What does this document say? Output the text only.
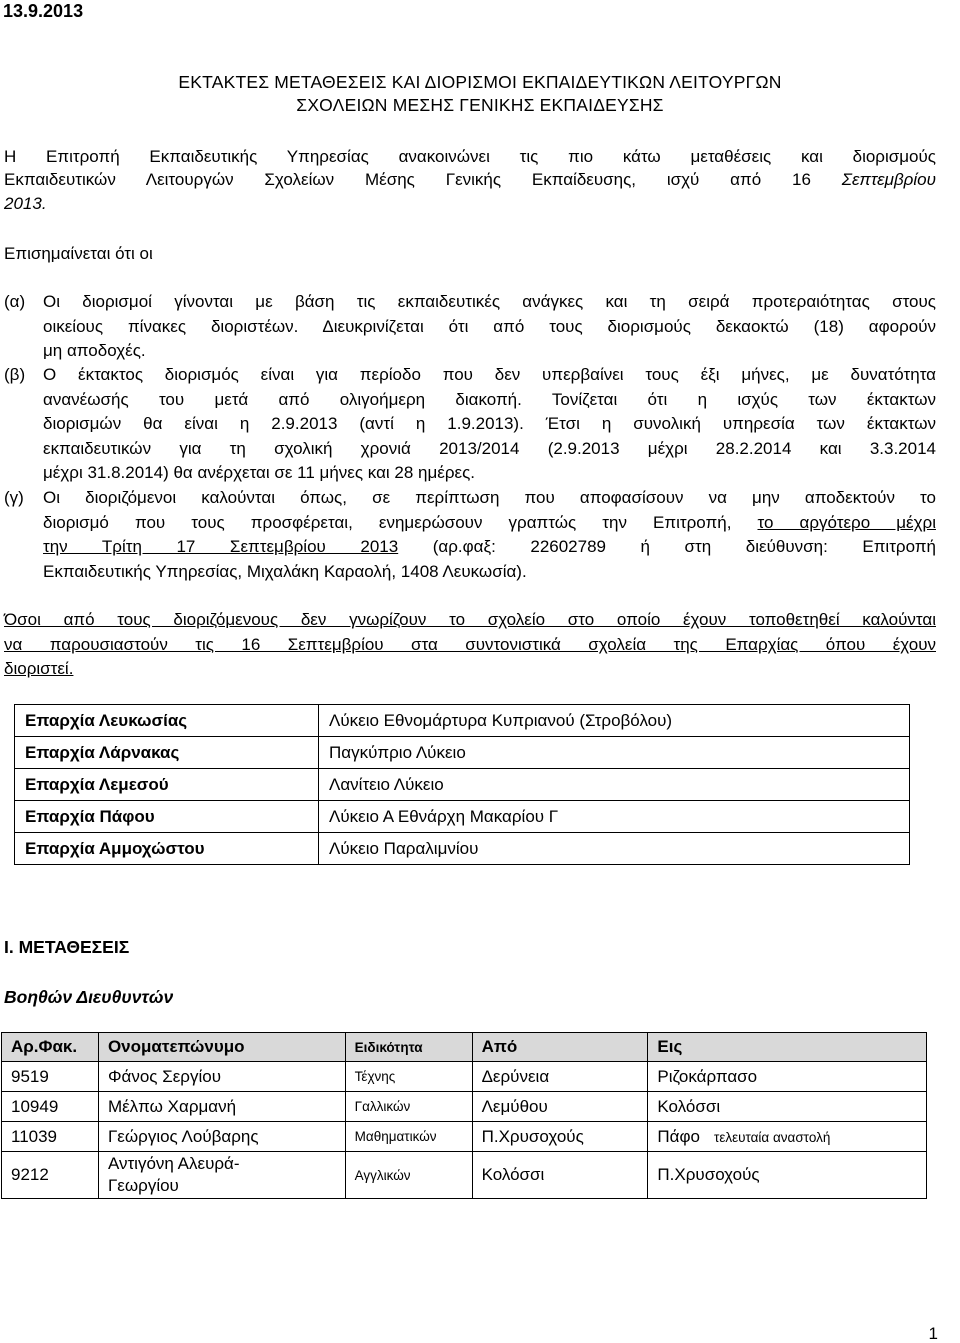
13.9.2013
ΕΚΤΑΚΤΕΣ ΜΕΤΑΘΕΣΕΙΣ ΚΑΙ ΔΙΟΡΙΣΜΟΙ ΕΚΠΑΙΔΕΥΤΙΚΩΝ ΛΕΙΤΟΥΡΓΩΝ
ΣΧΟΛΕΙΩΝ ΜΕΣΗΣ ΓΕΝΙΚΗΣ ΕΚΠΑΙΔΕΥΣΗΣ
Η Επιτροπή Εκπαιδευτικής Υπηρεσίας ανακοινώνει τις πιο κάτω μεταθέσεις και διορισμούς
Εκπαιδευτικών Λειτουργών Σχολείων Μέσης Γενικής Εκπαίδευσης, ισχύ από 16 Σεπτεμβρίου
2013.
Επισημαίνεται ότι οι
(α)	Οι διορισμοί γίνονται με βάση τις εκπαιδευτικές ανάγκες και τη σειρά προτεραιότητας στους
οικείους πίνακες διοριστέων. Διευκρινίζεται ότι από τους διορισμούς δεκαοκτώ (18) αφορούν
μη αποδοχές.
(β)	Ο έκτακτος διορισμός είναι για περίοδο που δεν υπερβαίνει τους έξι μήνες, με δυνατότητα
ανανέωσής του μετά από ολιγοήμερη διακοπή. Τονίζεται ότι η ισχύς των έκτακτων
διορισμών θα είναι η 2.9.2013 (αντί η 1.9.2013). Έτσι η συνολική υπηρεσία των έκτακτων
εκπαιδευτικών για τη σχολική χρονιά 2013/2014 (2.9.2013 μέχρι 28.2.2014 και 3.3.2014
μέχρι 31.8.2014) θα ανέρχεται σε 11 μήνες και 28 ημέρες.
(γ)	Οι διοριζόμενοι καλούνται όπως, σε περίπτωση που αποφασίσουν να μην αποδεκτούν το
διορισμό που τους προσφέρεται, ενημερώσουν γραπτώς την Επιτροπή, το αργότερο μέχρι
την Τρίτη 17 Σεπτεμβρίου 2013 (αρ.φαξ: 22602789 ή στη διεύθυνση: Επιτροπή
Εκπαιδευτικής Υπηρεσίας, Μιχαλάκη Καραολή, 1408 Λευκωσία).
Όσοι από τους διοριζόμενους δεν γνωρίζουν το σχολείο στο οποίο έχουν τοποθετηθεί καλούνται
να παρουσιαστούν τις 16 Σεπτεμβρίου στα συντονιστικά σχολεία της Επαρχίας όπου έχουν
διοριστεί.
Επαρχία Λευκωσίας	Λύκειο Εθνομάρτυρα Κυπριανού (Στροβόλου)
Επαρχία Λάρνακας	Παγκύπριο Λύκειο
Επαρχία Λεμεσού	Λανίτειο Λύκειο
Επαρχία Πάφου	Λύκειο Α Εθνάρχη Μακαρίου Γ
Επαρχία Αμμοχώστου	Λύκειο Παραλιμνίου
Ι. ΜΕΤΑΘΕΣΕΙΣ
Βοηθών Διευθυντών
Αρ.Φακ.	Ονοματεπώνυμο	Ειδικότητα	Από	Εις
9519	Φάνος Σεργίου	Τέχνης	Δερύνεια	Ριζοκάρπασο
10949	Μέλπω Χαρμανή	Γαλλικών	Λεμύθου	Κολόσσι
11039	Γεώργιος Λούβαρης	Μαθηματικών	Π.Χρυσοχούς	Πάφο τελευταία αναστολή
9212	Αντιγόνη Αλευρά-Γεωργίου	Αγγλικών	Κολόσσι	Π.Χρυσοχούς
1
